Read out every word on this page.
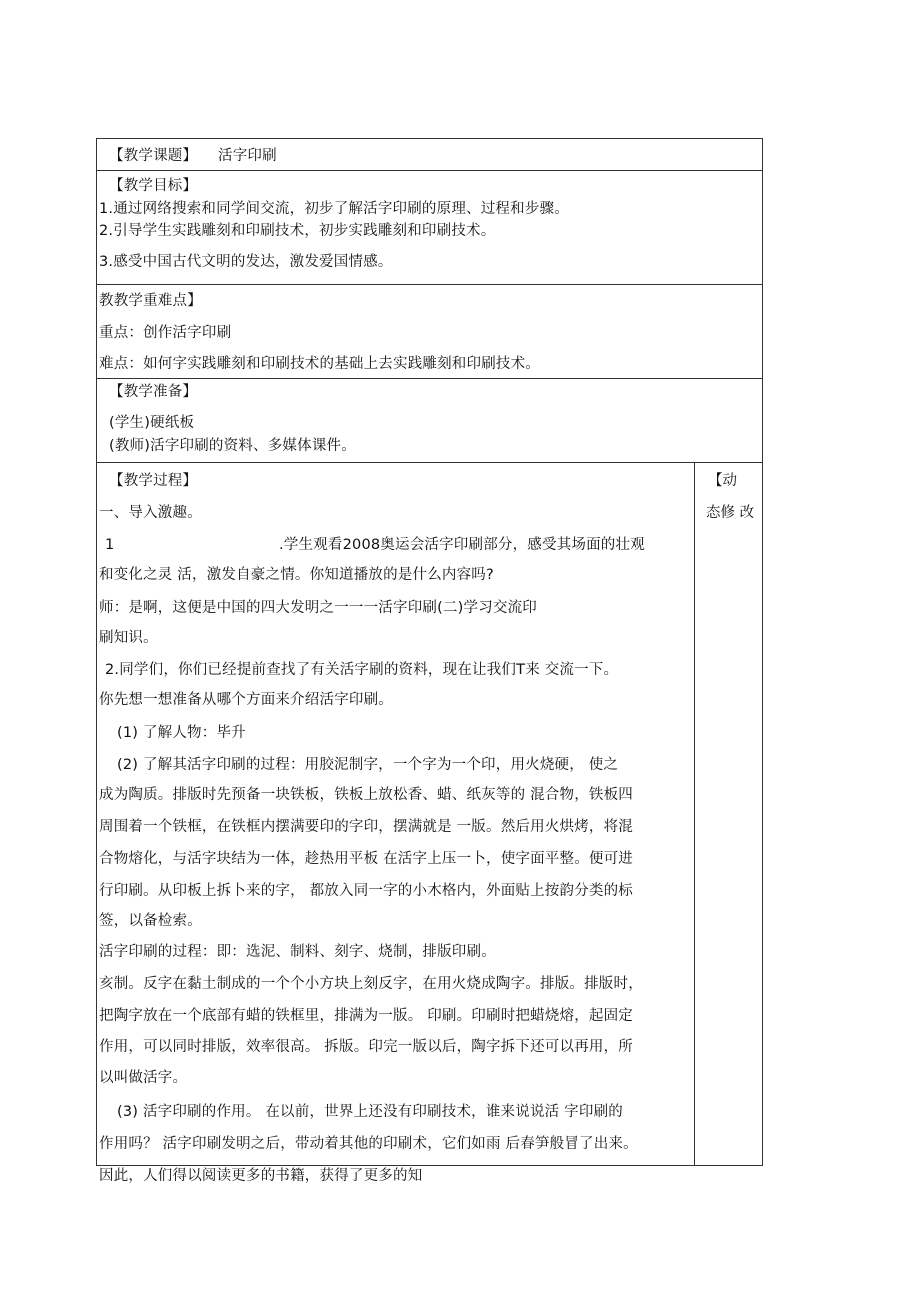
【教学课题】 活字印刷
【教学目标】
1.通过网络搜索和同学间交流，初步了解活字印刷的原理、过程和步骤。
2.引导学生实践雕刻和印刷技术，初步实践雕刻和印刷技术。
3.感受中国古代文明的发达，激发爱国情感。
教教学重难点】
重点：创作活字印刷
难点：如何字实践雕刻和印刷技术的基础上去实践雕刻和印刷技术。
【教学准备】
(学生)硬纸板
(教师)活字印刷的资料、多媒体课件。
【动
态修 改
【教学过程】
一、导入激趣。
1	.学生观看2008奥运会活字印刷部分，感受其场面的壮观
和变化之灵 活，激发自豪之情。你知道播放的是什么内容吗?
师：是啊，这便是中国的四大发明之一一一活字印刷(二)学习交流印
刷知识。
2.同学们，你们已经提前查找了有关活字刷的资料，现在让我们T来 交流一下。
你先想一想准备从哪个方面来介绍活字印刷。
(1) 了解人物：毕升
(2) 了解其活字印刷的过程：用胶泥制字，一个字为一个印，用火烧硬， 使之
成为陶质。排版时先预备一块铁板，铁板上放松香、蜡、纸灰等的 混合物，铁板四
周围着一个铁框，在铁框内摆满要印的字印，摆满就是 一版。然后用火烘烤，将混
合物熔化，与活字块结为一体，趁热用平板 在活字上压一卜，使字面平整。便可进
行印刷。从印板上拆卜来的字， 都放入同一字的小木格内，外面贴上按韵分类的标
签，以备检索。
活字印刷的过程：即：选泥、制料、刻字、烧制，排版印刷。
亥制。反字在黏土制成的一个个小方块上刻反字，在用火烧成陶字。排版。排版时，
把陶字放在一个底部有蜡的铁框里，排满为一版。 印刷。印刷时把蜡烧熔，起固定
作用，可以同时排版，效率很高。 拆版。印完一版以后，陶字拆下还可以再用，所
以叫做活字。
(3) 活字印刷的作用。 在以前，世界上还没有印刷技术，谁来说说活 字印刷的
作用吗？ 活字印刷发明之后，带动着其他的印刷术，它们如雨 后春笋般冒了出来。
因此，人们得以阅读更多的书籍，获得了更多的知
